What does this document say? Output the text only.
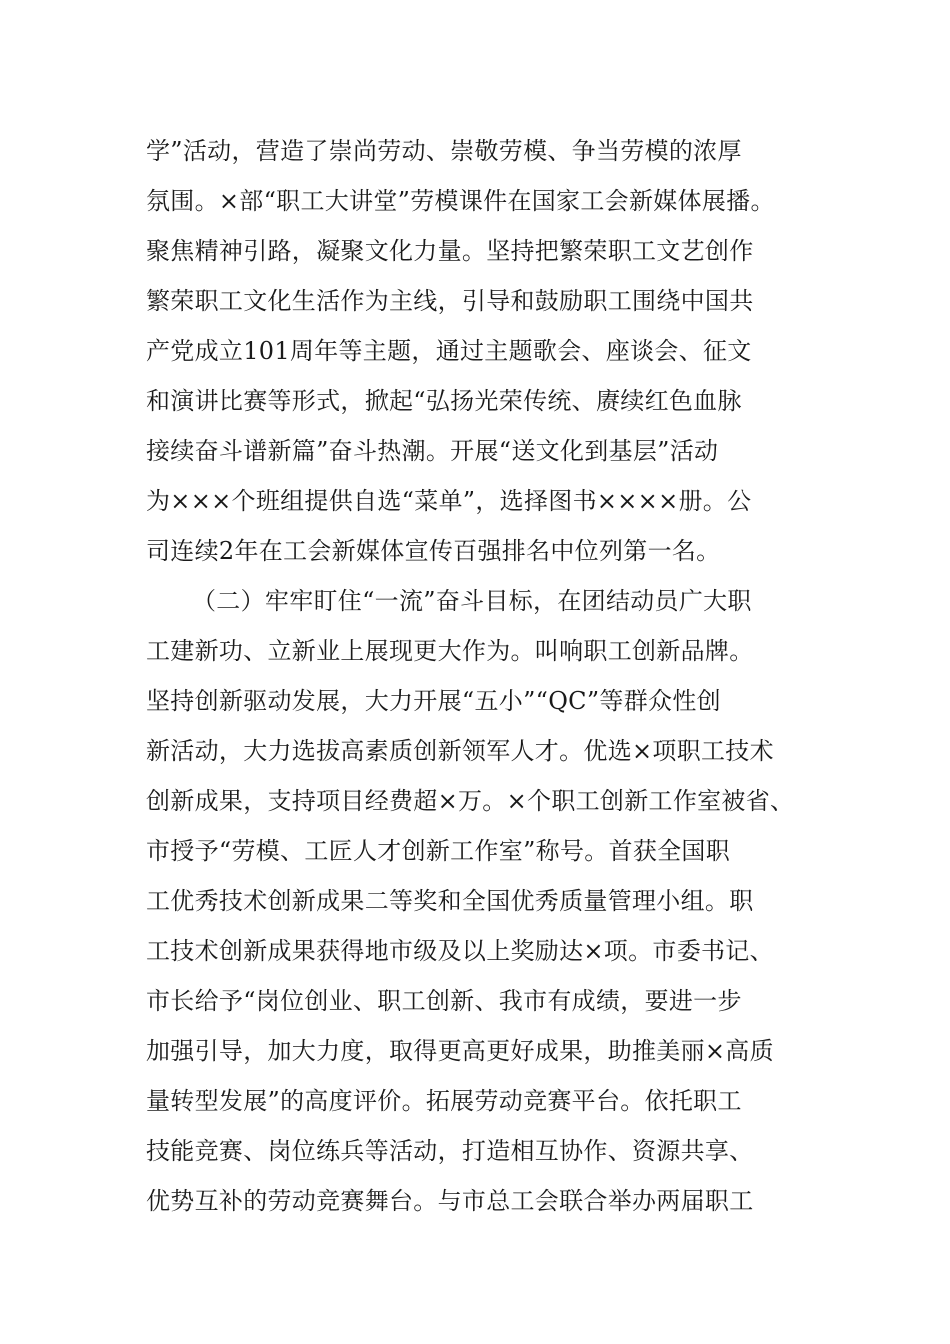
学”活动，营造了崇尚劳动、崇敬劳模、争当劳模的浓厚
氛围。×部“职工大讲堂”劳模课件在国家工会新媒体展播。
聚焦精神引路，凝聚文化力量。坚持把繁荣职工文艺创作
繁荣职工文化生活作为主线，引导和鼓励职工围绕中国共
产党成立101周年等主题，通过主题歌会、座谈会、征文
和演讲比赛等形式，掀起“弘扬光荣传统、赓续红色血脉
接续奋斗谱新篇”奋斗热潮。开展“送文化到基层”活动
为×××个班组提供自选“菜单”，选择图书××××册。公
司连续2年在工会新媒体宣传百强排名中位列第一名。
（二）牢牢盯住“一流”奋斗目标，在团结动员广大职
工建新功、立新业上展现更大作为。叫响职工创新品牌。
坚持创新驱动发展，大力开展“五小”“QC”等群众性创
新活动，大力选拔高素质创新领军人才。优选×项职工技术
创新成果，支持项目经费超×万。×个职工创新工作室被省、
市授予“劳模、工匠人才创新工作室”称号。首获全国职
工优秀技术创新成果二等奖和全国优秀质量管理小组。职
工技术创新成果获得地市级及以上奖励达×项。市委书记、
市长给予“岗位创业、职工创新、我市有成绩，要进一步
加强引导，加大力度，取得更高更好成果，助推美丽×高质
量转型发展”的高度评价。拓展劳动竞赛平台。依托职工
技能竞赛、岗位练兵等活动，打造相互协作、资源共享、
优势互补的劳动竞赛舞台。与市总工会联合举办两届职工
